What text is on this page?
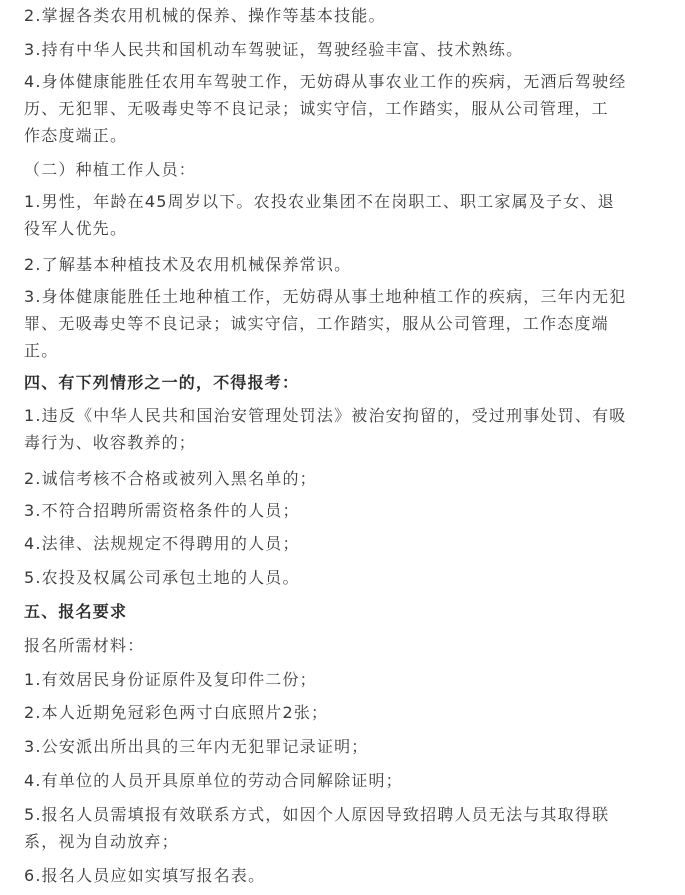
2.掌握各类农用机械的保养、操作等基本技能。

3.持有中华人民共和国机动车驾驶证，驾驶经验丰富、技术熟练。

4.身体健康能胜任农用车驾驶工作，无妨碍从事农业工作的疾病，无酒后驾驶经
历、无犯罪、无吸毒史等不良记录；诚实守信，工作踏实，服从公司管理，工
作态度端正。

（二）种植工作人员：

1.男性，年龄在45周岁以下。农投农业集团不在岗职工、职工家属及子女、退
役军人优先。

2.了解基本种植技术及农用机械保养常识。

3.身体健康能胜任土地种植工作，无妨碍从事土地种植工作的疾病，三年内无犯
罪、无吸毒史等不良记录；诚实守信，工作踏实，服从公司管理，工作态度端
正。

四、有下列情形之一的，不得报考：

1.违反《中华人民共和国治安管理处罚法》被治安拘留的，受过刑事处罚、有吸
毒行为、收容教养的；

2.诚信考核不合格或被列入黑名单的；

3.不符合招聘所需资格条件的人员；

4.法律、法规规定不得聘用的人员；

5.农投及权属公司承包土地的人员。

五、报名要求

报名所需材料：

1.有效居民身份证原件及复印件二份；

2.本人近期免冠彩色两寸白底照片2张；

3.公安派出所出具的三年内无犯罪记录证明；

4.有单位的人员开具原单位的劳动合同解除证明；

5.报名人员需填报有效联系方式，如因个人原因导致招聘人员无法与其取得联
系，视为自动放弃；

6.报名人员应如实填写报名表。
